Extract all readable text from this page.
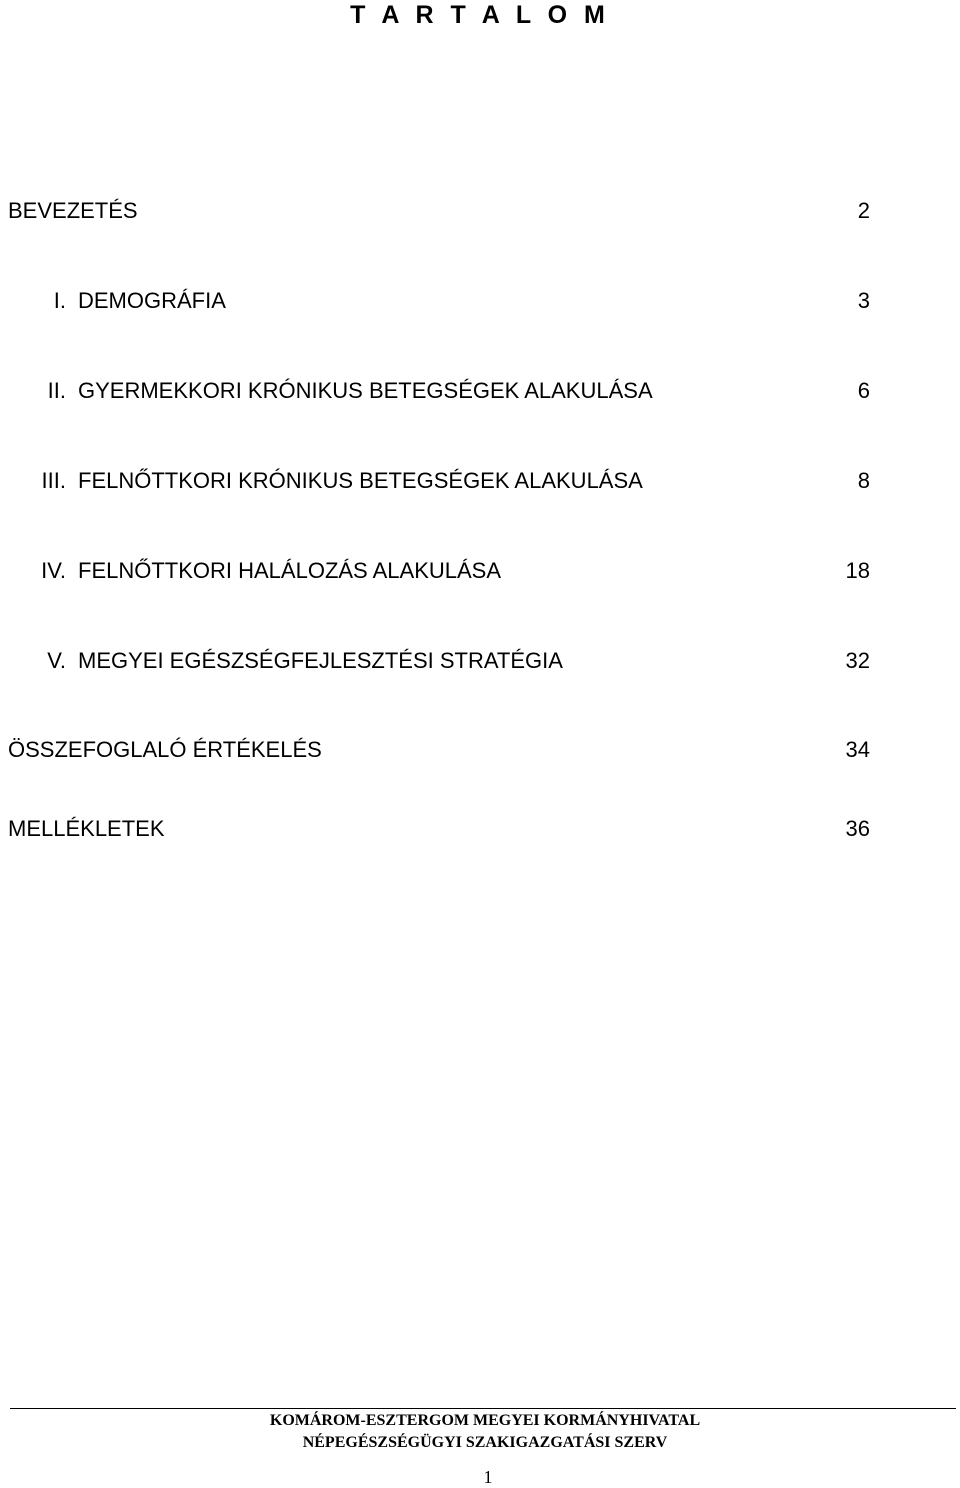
T A R T A L O M
BEVEZETÉS	2
I. DEMOGRÁFIA	3
II. GYERMEKKORI KRÓNIKUS BETEGSÉGEK ALAKULÁSA	6
III. FELNŐTTKORI KRÓNIKUS BETEGSÉGEK ALAKULÁSA	8
IV. FELNŐTTKORI HALÁLOZÁS ALAKULÁSA	18
V. MEGYEI EGÉSZSÉGFEJLESZTÉSI STRATÉGIA	32
ÖSSZEFOGLALÓ ÉRTÉKELÉS	34
MELLÉKLETEK	36
KOMÁROM-ESZTERGOM MEGYEI KORMÁNYHIVATAL
NÉPEGÉSZSÉGÜGYI SZAKIGAZGATÁSI SZERV
1
